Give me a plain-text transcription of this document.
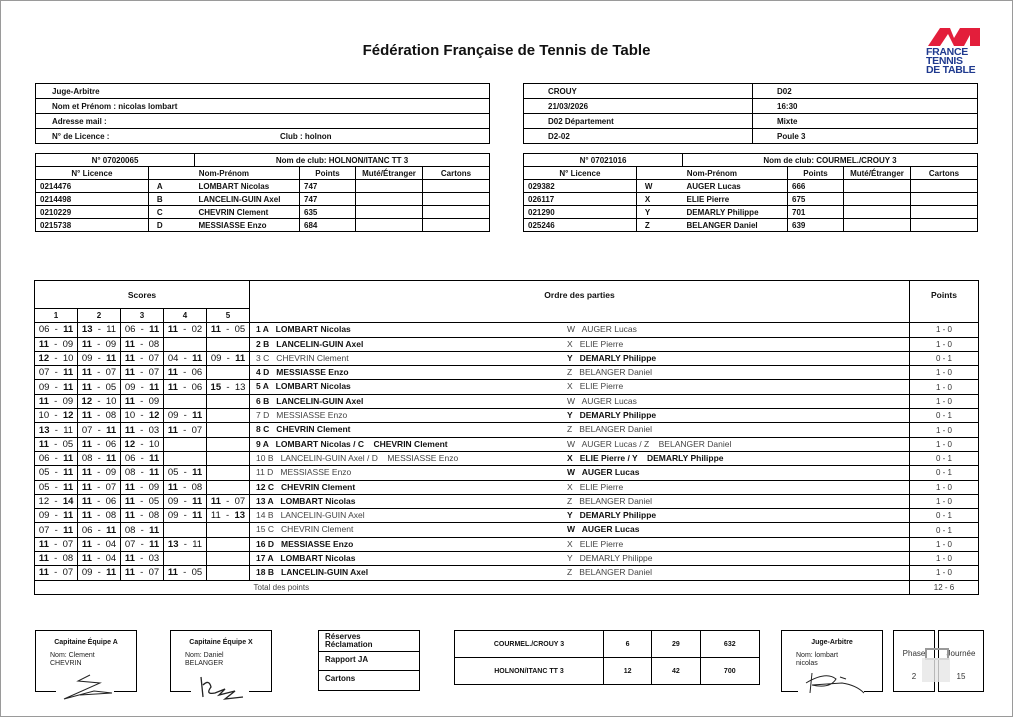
Fédération Française de Tennis de Table	FRANCE
TENNIS
DE TABLE
Juge-Arbitre
Nom et Prénom : nicolas lombart
Adresse mail :
N° de Licence :	Club : holnon
CROUY	D02
21/03/2026	16:30
D02 Département	Mixte
D2-02	Poule 3
N° 07020065		Nom de club: HOLNON/ITANC TT 3			
N° Licence	Nom-Prénom		Points	Muté/Étranger	Cartons
0214476	A	LOMBART Nicolas	747		
0214498	B	LANCELIN-GUIN Axel	747		
0210229	C	CHEVRIN Clement	635		
0215738	D	MESSIASSE Enzo	684		
N° 07021016		Nom de club: COURMEL./CROUY 3			
N° Licence	Nom-Prénom		Points	Muté/Étranger	Cartons
029382	W	AUGER Lucas	666		
026117	X	ELIE Pierre	675		
021290	Y	DEMARLY Philippe	701		
025246	Z	BELANGER Daniel	639		
Scores					Ordre des parties	Points
1	2	3	4	5		
06  -  11	13  -  11	06  -  11	11  -  02	11  -  05	1 A   LOMBART Nicolas W   AUGER Lucas	1 - 0
11  -  09	11  -  09	11  -  08			2 B   LANCELIN-GUIN Axel X   ELIE Pierre	1 - 0
12  -  10	09  -  11	11  -  07	04  -  11	09  -  11	3 C   CHEVRIN Clement Y   DEMARLY Philippe	0 - 1
07  -  11	11  -  07	11  -  07	11  -  06		4 D   MESSIASSE Enzo Z   BELANGER Daniel	1 - 0
09  -  11	11  -  05	09  -  11	11  -  06	15  -  13	5 A   LOMBART Nicolas X   ELIE Pierre	1 - 0
11  -  09	12  -  10	11  -  09			6 B   LANCELIN-GUIN Axel W   AUGER Lucas	1 - 0
10  -  12	11  -  08	10  -  12	09  -  11		7 D   MESSIASSE Enzo Y   DEMARLY Philippe	0 - 1
13  -  11	07  -  11	11  -  03	11  -  07		8 C   CHEVRIN Clement Z   BELANGER Daniel	1 - 0
11  -  05	11  -  06	12  -  10			9 A   LOMBART Nicolas / C    CHEVRIN Clement W   AUGER Lucas / Z    BELANGER Daniel	1 - 0
06  -  11	08  -  11	06  -  11			10 B   LANCELIN-GUIN Axel / D    MESSIASSE Enzo X   ELIE Pierre / Y    DEMARLY Philippe	0 - 1
05  -  11	11  -  09	08  -  11	05  -  11		11 D   MESSIASSE Enzo W   AUGER Lucas	0 - 1
05  -  11	11  -  07	11  -  09	11  -  08		12 C   CHEVRIN Clement X   ELIE Pierre	1 - 0
12  -  14	11  -  06	11  -  05	09  -  11	11  -  07	13 A   LOMBART Nicolas Z   BELANGER Daniel	1 - 0
09  -  11	11  -  08	11  -  08	09  -  11	11  -  13	14 B   LANCELIN-GUIN Axel Y   DEMARLY Philippe	0 - 1
07  -  11	06  -  11	08  -  11			15 C   CHEVRIN Clement W   AUGER Lucas	0 - 1
11  -  07	11  -  04	07  -  11	13  -  11		16 D   MESSIASSE Enzo X   ELIE Pierre	1 - 0
11  -  08	11  -  04	11  -  03			17 A   LOMBART Nicolas Y   DEMARLY Philippe	1 - 0
11  -  07	09  -  11	11  -  07	11  -  05		18 B   LANCELIN-GUIN Axel Z   BELANGER Daniel	1 - 0
					Total des points	12 - 6
Capitaine Équipe A
Nom: Clement
CHEVRIN
Capitaine Équipe X
Nom: Daniel
BELANGER
Réserves
Réclamation
Rapport JA
Cartons
COURMEL./CROUY 3	6	29	632
HOLNON/ITANC TT 3	12	42	700
Juge-Arbitre
Nom: lombart
nicolas
Phase
2
Journée
15
